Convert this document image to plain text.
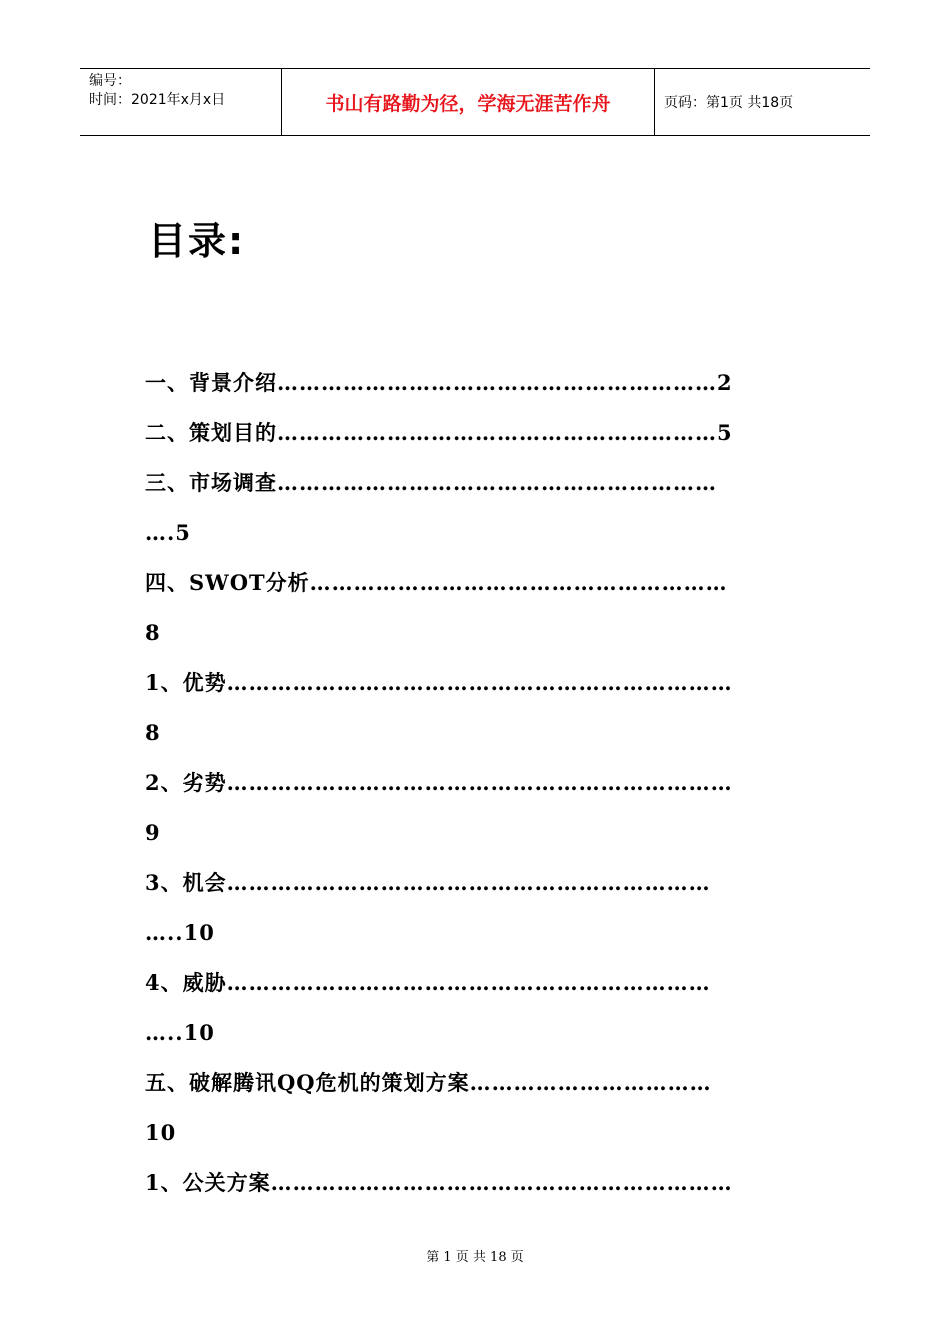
编号：
时间：2021年x月x日	书山有路勤为径，学海无涯苦作舟	页码：第1页 共18页
目录:
一、背景介绍……………………………………………………2
二、策划目的……………………………………………………5
三、市场调查……………………………………………………
….5
四、SWOT分析…………………………………………………
8
1、优势……………………………………………………………
8
2、劣势……………………………………………………………
9
3、机会…………………………………………………………
…..10
4、威胁…………………………………………………………
…..10
五、破解腾讯QQ危机的策划方案……………………………
10
1、公关方案………………………………………………………
第 1 页 共 18 页
